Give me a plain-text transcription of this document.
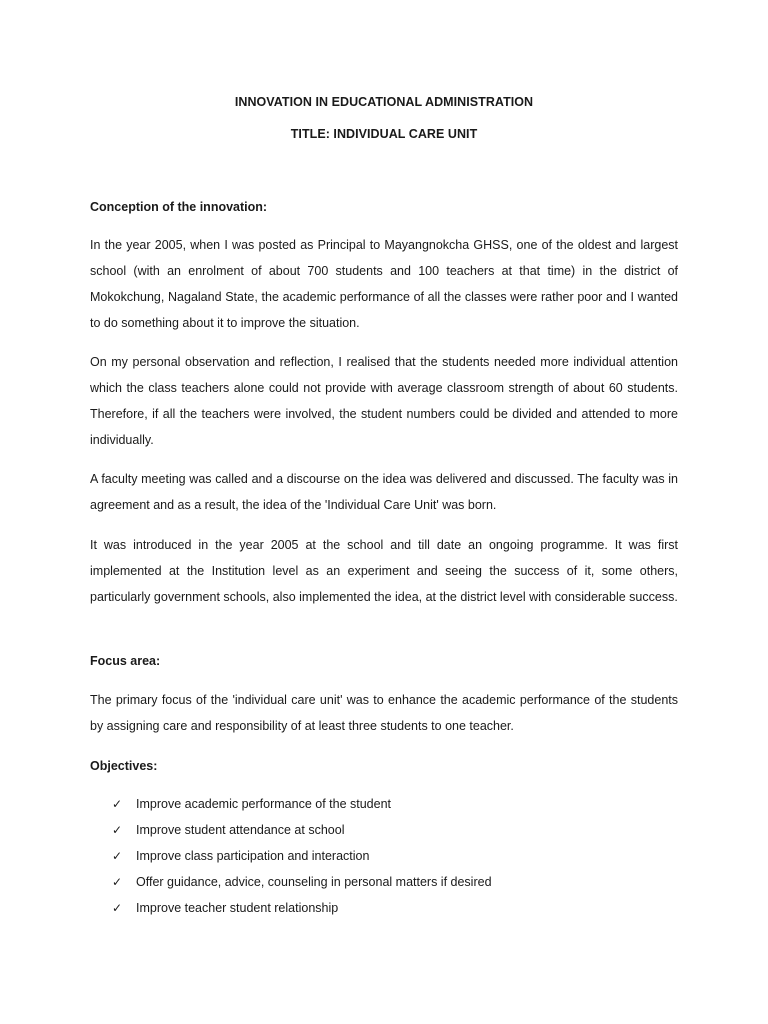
INNOVATION IN EDUCATIONAL ADMINISTRATION
TITLE: INDIVIDUAL CARE UNIT
Conception of the innovation:

In the year 2005, when I was posted as Principal to Mayangnokcha GHSS, one of the oldest and largest school (with an enrolment of about 700 students and 100 teachers at that time) in the district of Mokokchung, Nagaland State, the academic performance of all the classes were rather poor and I wanted to do something about it to improve the situation.

On my personal observation and reflection, I realised that the students needed more individual attention which the class teachers alone could not provide with average classroom strength of about 60 students. Therefore, if all the teachers were involved, the student numbers could be divided and attended to more individually.

A faculty meeting was called and a discourse on the idea was delivered and discussed. The faculty was in agreement and as a result, the idea of the 'Individual Care Unit' was born.

It was introduced in the year 2005 at the school and till date an ongoing programme. It was first implemented at the Institution level as an experiment and seeing the success of it, some others, particularly government schools, also implemented the idea, at the district level with considerable success.

Focus area:

The primary focus of the 'individual care unit' was to enhance the academic performance of the students by assigning care and responsibility of at least three students to one teacher.

Objectives:
✓ Improve academic performance of the student
✓ Improve student attendance at school
✓ Improve class participation and interaction
✓ Offer guidance, advice, counseling in personal matters if desired
✓ Improve teacher student relationship
